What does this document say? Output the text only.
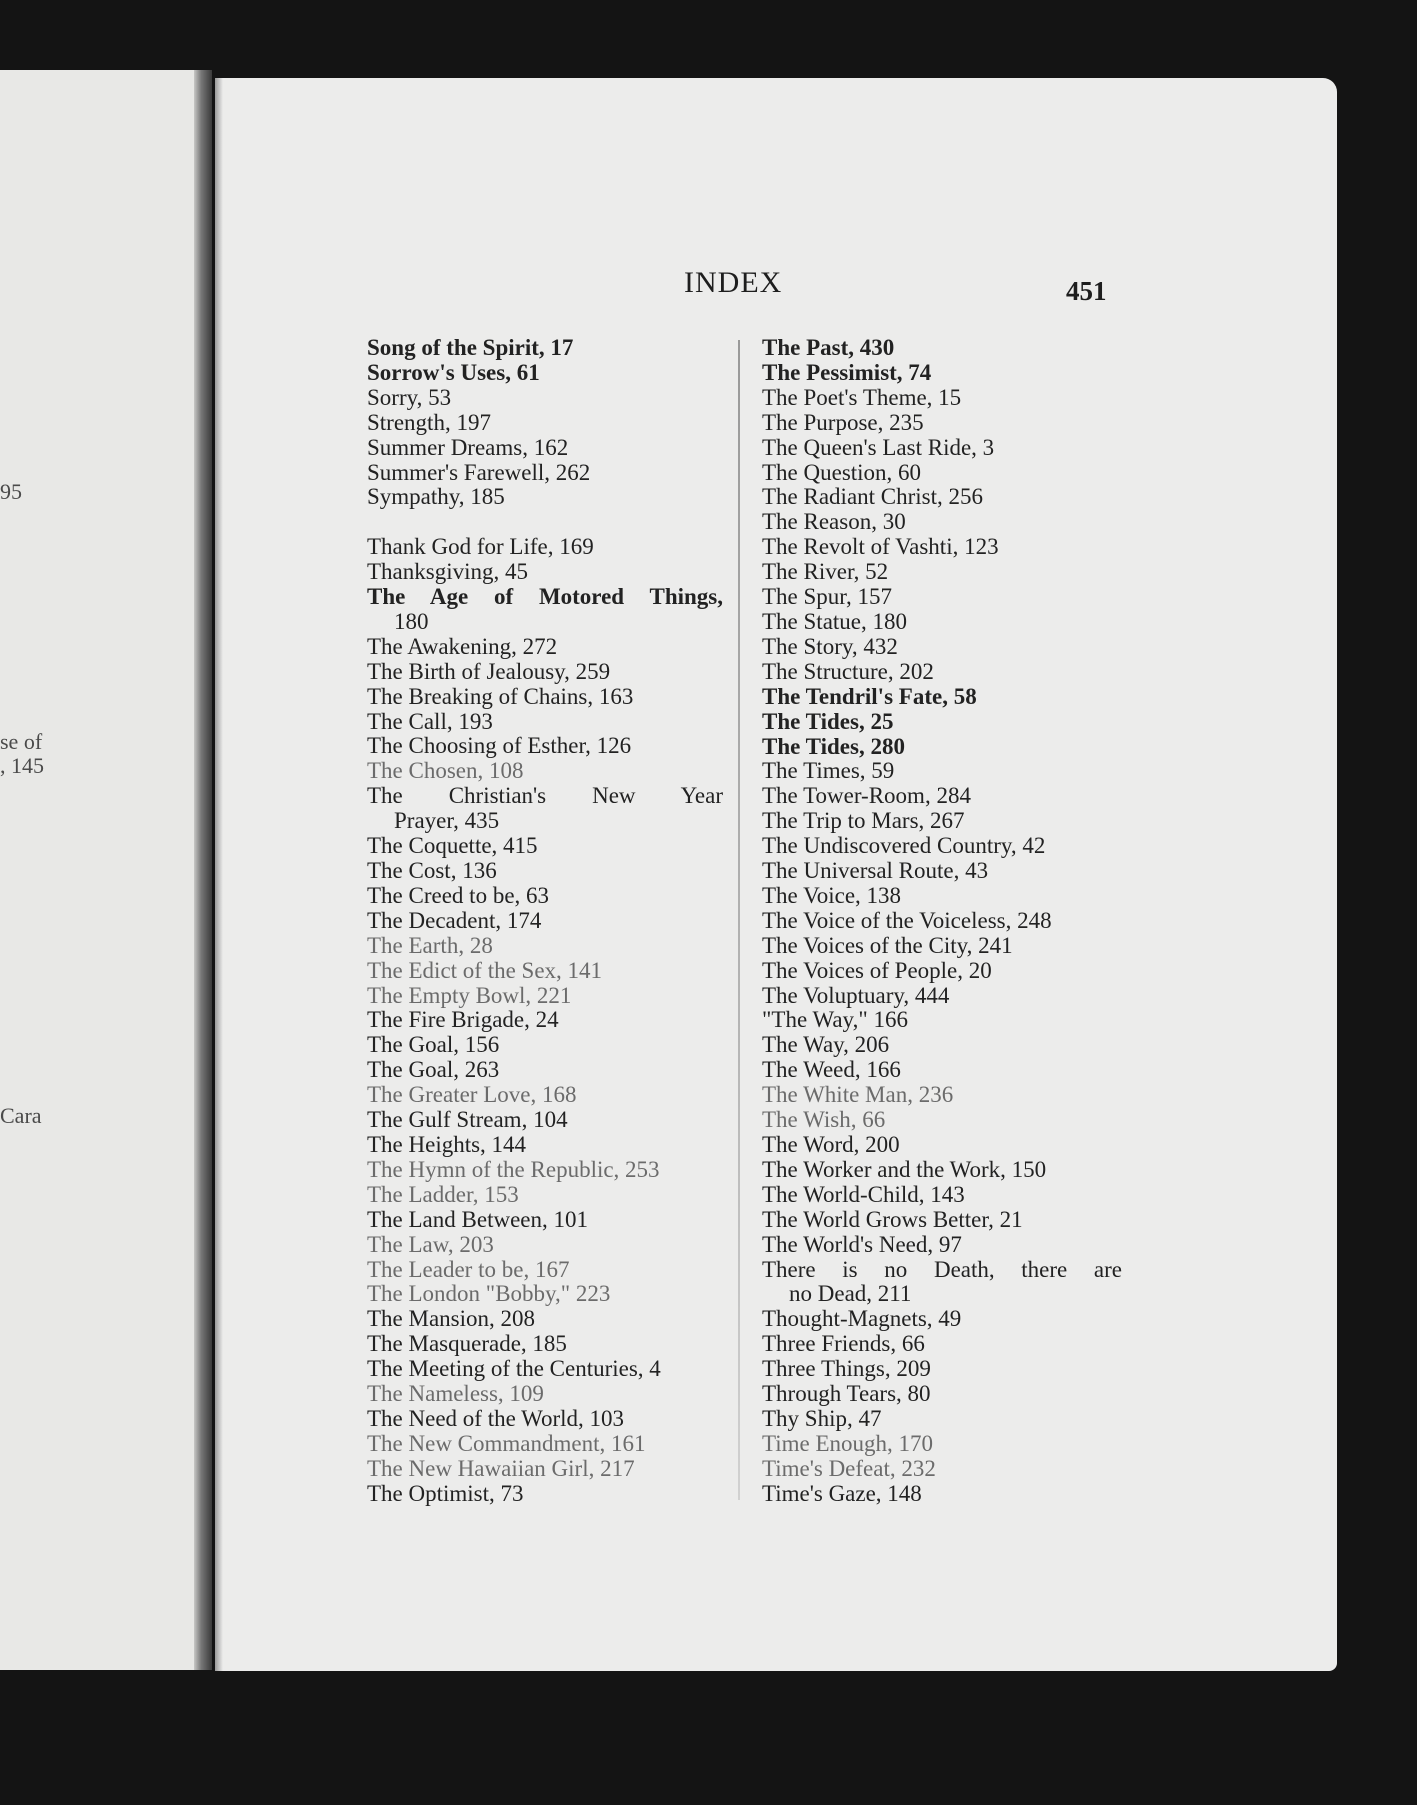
95
se of
, 145
Cara
INDEX	451
Song of the Spirit, 17
Sorrow's Uses, 61
Sorry, 53
Strength, 197
Summer Dreams, 162
Summer's Farewell, 262
Sympathy, 185
Thank God for Life, 169
Thanksgiving, 45
The Age of Motored Things,
180
The Awakening, 272
The Birth of Jealousy, 259
The Breaking of Chains, 163
The Call, 193
The Choosing of Esther, 126
The Chosen, 108
The Christian's New Year
Prayer, 435
The Coquette, 415
The Cost, 136
The Creed to be, 63
The Decadent, 174
The Earth, 28
The Edict of the Sex, 141
The Empty Bowl, 221
The Fire Brigade, 24
The Goal, 156
The Goal, 263
The Greater Love, 168
The Gulf Stream, 104
The Heights, 144
The Hymn of the Republic, 253
The Ladder, 153
The Land Between, 101
The Law, 203
The Leader to be, 167
The London "Bobby," 223
The Mansion, 208
The Masquerade, 185
The Meeting of the Centuries, 4
The Nameless, 109
The Need of the World, 103
The New Commandment, 161
The New Hawaiian Girl, 217
The Optimist, 73
The Past, 430
The Pessimist, 74
The Poet's Theme, 15
The Purpose, 235
The Queen's Last Ride, 3
The Question, 60
The Radiant Christ, 256
The Reason, 30
The Revolt of Vashti, 123
The River, 52
The Spur, 157
The Statue, 180
The Story, 432
The Structure, 202
The Tendril's Fate, 58
The Tides, 25
The Tides, 280
The Times, 59
The Tower-Room, 284
The Trip to Mars, 267
The Undiscovered Country, 42
The Universal Route, 43
The Voice, 138
The Voice of the Voiceless, 248
The Voices of the City, 241
The Voices of People, 20
The Voluptuary, 444
"The Way," 166
The Way, 206
The Weed, 166
The White Man, 236
The Wish, 66
The Word, 200
The Worker and the Work, 150
The World-Child, 143
The World Grows Better, 21
The World's Need, 97
There is no Death, there are
no Dead, 211
Thought-Magnets, 49
Three Friends, 66
Three Things, 209
Through Tears, 80
Thy Ship, 47
Time Enough, 170
Time's Defeat, 232
Time's Gaze, 148
